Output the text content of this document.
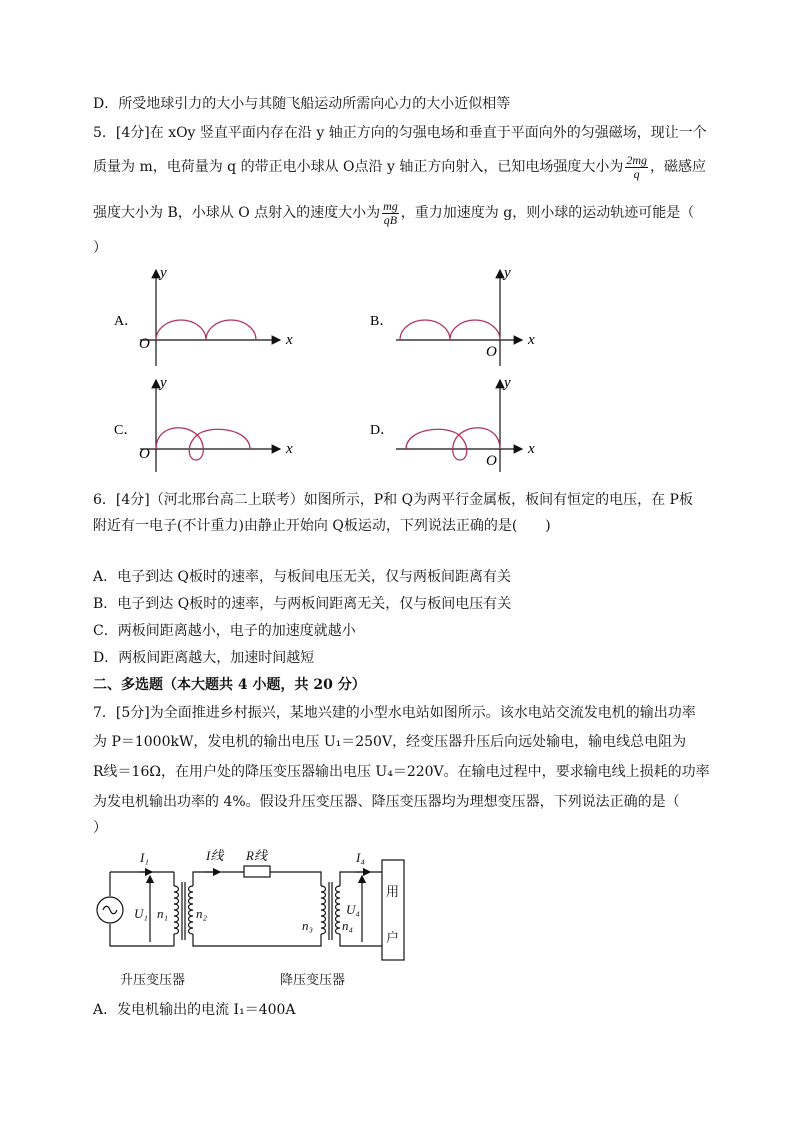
D．所受地球引力的大小与其随飞船运动所需向心力的大小近似相等
5．[4分]在 xOy 竖直平面内存在沿 y 轴正方向的匀强电场和垂直于平面向外的匀强磁场，现让一个
质量为 m，电荷量为 q 的带正电小球从 O点沿 y 轴正方向射入，已知电场强度大小为 $\frac{2mg}{q}$ ，磁感应
强度大小为 B，小球从 O 点射入的速度大小为 $\frac{mg}{qB}$ ，重力加速度为 g，则小球的运动轨迹可能是（
）
A．
O	x
y
B．
O
x
y
C．
O	x
y
D．
O
x
y
6．[4分]（河北邢台高二上联考）如图所示，P和 Q为两平行金属板，板间有恒定的电压，在 P板
附近有一电子(不计重力)由静止开始向 Q板运动，下列说法正确的是(　　)
A．电子到达 Q板时的速率，与板间电压无关，仅与两板间距离有关
B．电子到达 Q板时的速率，与两板间距离无关，仅与板间电压有关
C．两板间距离越小，电子的加速度就越小
D．两板间距离越大，加速时间越短
二、多选题（本大题共 4 小题，共 20 分）
7．[5分]为全面推进乡村振兴，某地兴建的小型水电站如图所示。该水电站交流发电机的输出功率
为 P＝1000kW，发电机的输出电压 U₁＝250V，经变压器升压后向远处输电，输电线总电阻为
R线＝16Ω，在用户处的降压变压器输出电压 U₄＝220V。在输电过程中，要求输电线上损耗的功率
为发电机输出功率的 4%。假设升压变压器、降压变压器均为理想变压器，下列说法正确的是（
）
I₁	I线 R线	I₄
U₁ n₁ n₂
n₃ n₄
U₄
用
户
升压变压器	降压变压器
A．发电机输出的电流 I₁＝400A
